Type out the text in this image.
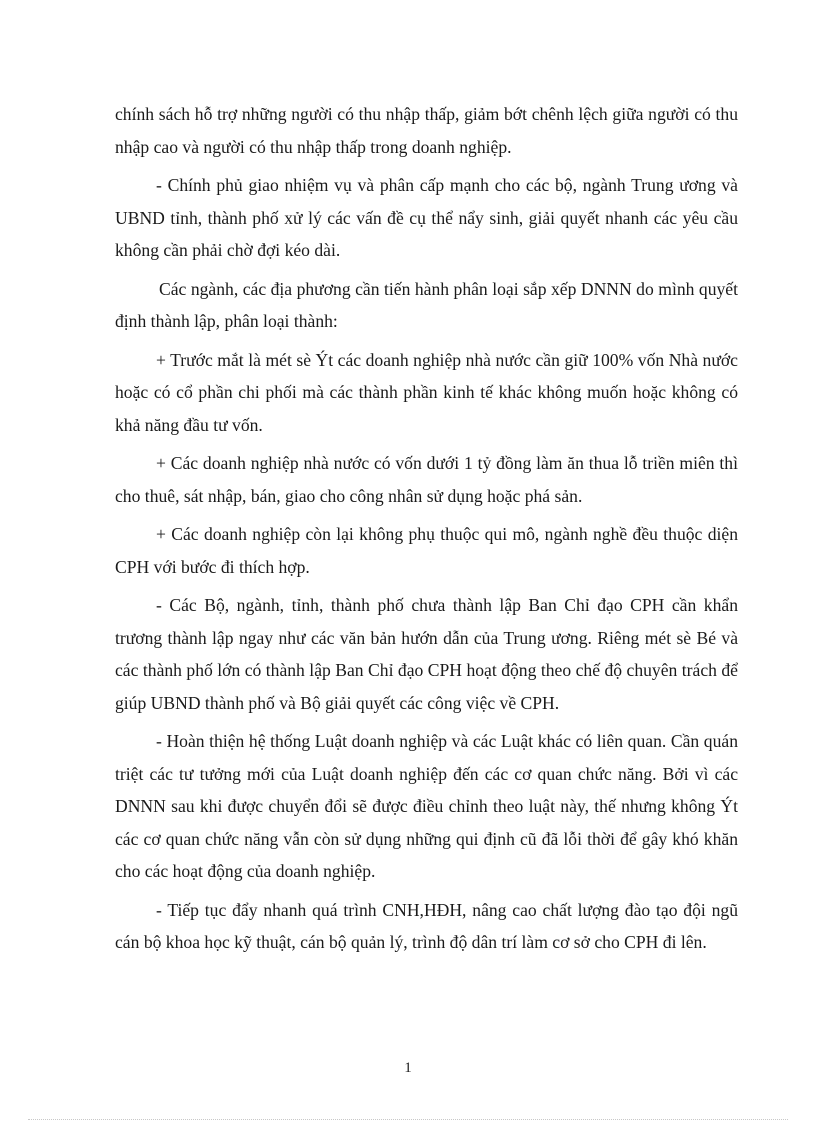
chính sách hỗ trợ những người có thu nhập thấp, giảm bớt chênh lệch giữa người có thu nhập cao và người có thu nhập thấp trong doanh nghiệp.

- Chính phủ giao nhiệm vụ và phân cấp mạnh cho các bộ, ngành Trung ương và UBND tỉnh, thành phố xử lý các vấn đề cụ thể nẩy sinh, giải quyết nhanh các yêu cầu không cần phải chờ đợi kéo dài.

Các ngành, các địa phương cần tiến hành phân loại sắp xếp DNNN do mình quyết định thành lập, phân loại thành:

+ Trước mắt là mét sè Ýt các doanh nghiệp nhà nước cần giữ 100% vốn Nhà nước hoặc có cổ phần chi phối mà các thành phần kinh tế khác không muốn hoặc không có khả năng đầu tư vốn.

+ Các doanh nghiệp nhà nước có vốn dưới 1 tỷ đồng làm ăn thua lỗ triền miên thì cho thuê, sát nhập, bán, giao cho công nhân sử dụng hoặc phá sản.

+ Các doanh nghiệp còn lại không phụ thuộc qui mô, ngành nghề đều thuộc diện CPH với bước đi thích hợp.

- Các Bộ, ngành, tỉnh, thành phố chưa thành lập Ban Chỉ đạo CPH cần khẩn trương thành lập ngay như các văn bản hướn dẫn của Trung ương. Riêng mét sè Bé và các thành phố lớn có thành lập Ban Chỉ đạo CPH hoạt động theo chế độ chuyên trách để giúp UBND thành phố và Bộ giải quyết các công việc về CPH.

- Hoàn thiện hệ thống Luật doanh nghiệp và các Luật khác có liên quan. Cần quán triệt các tư tưởng mới của Luật doanh nghiệp đến các cơ quan chức năng. Bởi vì các DNNN sau khi được chuyển đổi sẽ được điều chỉnh theo luật này, thế nhưng không Ýt các cơ quan chức năng vẫn còn sử dụng những qui định cũ đã lỗi thời để gây khó khăn cho các hoạt động của doanh nghiệp.

- Tiếp tục đẩy nhanh quá trình CNH,HĐH, nâng cao chất lượng đào tạo đội ngũ cán bộ khoa học kỹ thuật, cán bộ quản lý, trình độ dân trí làm cơ sở cho CPH đi lên.

1
